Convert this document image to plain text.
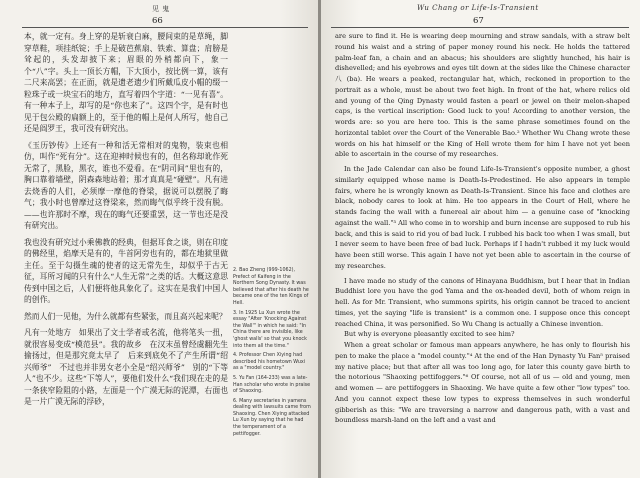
见 鬼
66

本，就一定有。身上穿的是斩衰白麻，腰间束的是草绳，脚穿草鞋，项挂纸锭；手上是破芭蕉扇、铁索、算盘；肩膀是耸起的，头发却披下来；眉眼的外梢都向下，象一个“八”字。头上一顶长方帽，下大顶小，按比例一算，该有二尺来高罢；在正面，就是遗老遗少们所戴瓜皮小帽的缀一粒珠子或一块宝石的地方，直写着四个字道：“一见有喜”。有一种本子上，却写的是“你也来了”。这四个字，是有时也见于包公殿的扁额上的，至于他的帽上是何人所写，他自己还是阎罗王，我可没有研究出。

《玉历钞传》上还有一种和活无常相对的鬼物，装束也相仿，叫作“死有分”。这在迎神时候也有的，但名称却讹作死无常了，黑脸，黑衣，谁也不爱看。在“阴司间”里也有的，胸口靠着墙壁，阴森森地站着；那才真真是“碰壁”。凡有进去烧香的人们，必须摩一摩他的脊梁，据说可以摆脱了晦气；我小时也曾摩过这脊梁来，然而晦气似乎终于没有脱。——也许那时不摩，现在的晦气还要重罢，这一节也还是没有研究出。

我也没有研究过小乘佛教的经典，但据耳食之谈，则在印度的佛经里，焰摩天是有的，牛首阿旁也有的，都在地狱里做主任。至于勾摄生魂的使者的这无常先生，却似乎于古无征，耳所习闻的只有什么“人生无常”之类的话。大概这意思传到中国之后，人们便将他具象化了。这实在是我们中国人的创作。

然而人们一见他，为什么就都有些紧张，而且高兴起来呢？

凡有一处地方　如果出了文士学者或名流，他将笔头一扭，就很容易变成“模范县”。我的故乡　在汉末虽曾经虞翻先生揄扬过，但是那究竟太早了　后来到底免不了产生所谓“绍兴师爷”　不过也并非男女老小全是“绍兴师爷”　别的“下等人”也不少。这些“下等人”，要他们发什么“我们现在走的是一条狭窄险阻的小路，左面是一个广漠无际的泥潭，右面也是一片广漠无际的浮砂，

2. Bao Zheng (999-1062), Prefect of Kaifeng in the Northern Song Dynasty. It was believed that after his death he became one of the ten Kings of Hell.

3. In 1925 Lu Xun wrote the essay "After 'Knocking Against the Wall'" in which he said: "In China there are invisible, like 'ghost walls' so that you knock into them all the time."

4. Professor Chen Xiying had described his hometown Wuxi as a "model country."

5. Yu Fan (164-233) was a late-Han scholar who wrote in praise of Shaoxing.

6. Many secretaries in yamens dealing with lawsuits came from Shaoxing. Chen Xiying attacked Lu Xun by saying that he had the temperament of a pettifogger.

Wu Chang or Life-Is-Transient
67

are sure to find it. He is wearing deep mourning and straw sandals, with a straw belt round his waist and a string of paper money round his neck. He holds the tattered palm-leaf fan, a chain and an abacus; his shoulders are slightly hunched, his hair is dishevelled; and his eyebrows and eyes tilt down at the sides like the Chinese character 八 (ba). He wears a peaked, rectangular hat, which, reckoned in proportion to the portrait as a whole, must be about two feet high. In front of the hat, where relics old and young of the Qing Dynasty would fasten a pearl or jewel on their melon-shaped caps, is the vertical inscription: Good luck to you! According to another version, the words are: so you are here too. This is the same phrase sometimes found on the horizontal tablet over the Court of the Venerable Bao.² Whether Wu Chang wrote these words on his hat himself or the King of Hell wrote them for him I have not yet been able to ascertain in the course of my researches.

In the Jade Calendar can also be found Life-Is-Transient's opposite number, a ghost similarly equipped whose name is Death-Is-Predestined. He also appears in temple fairs, where he is wrongly known as Death-Is-Transient. Since his face and clothes are black, nobody cares to look at him. He too appears in the Court of Hell, where he stands facing the wall with a funereal air about him — a genuine case of "knocking against the wall."³ All who come in to worship and burn incense are supposed to rub his back, and this is said to rid you of bad luck. I rubbed his back too when I was small, but I never seem to have been free of bad luck. Perhaps if I hadn't rubbed it my luck would have been still worse. This again I have not yet been able to ascertain in the course of my researches.

I have made no study of the canons of Hinayana Buddhism, but I hear that in Indian Buddhist lore you have the god Yama and the ox-headed devil, both of whom reign in hell. As for Mr. Transient, who summons spirits, his origin cannot be traced to ancient times, yet the saying "life is transient" is a common one. I suppose once this concept reached China, it was personified. So Wu Chang is actually a Chinese invention.

But why is everyone pleasantly excited to see him?

When a great scholar or famous man appears anywhere, he has only to flourish his pen to make the place a "model county."⁴ At the end of the Han Dynasty Yu Fan⁵ praised my native place; but that after all was too long ago, for later this county gave birth to the notorious "Shaoxing pettifoggers."⁶ Of course, not all of us — old and young, men and women — are pettifoggers in Shaoxing. We have quite a few other "low types" too. And you cannot expect these low types to express themselves in such wonderful gibberish as this: "We are traversing a narrow and dangerous path, with a vast and boundless marsh-land on the left and a vast and
